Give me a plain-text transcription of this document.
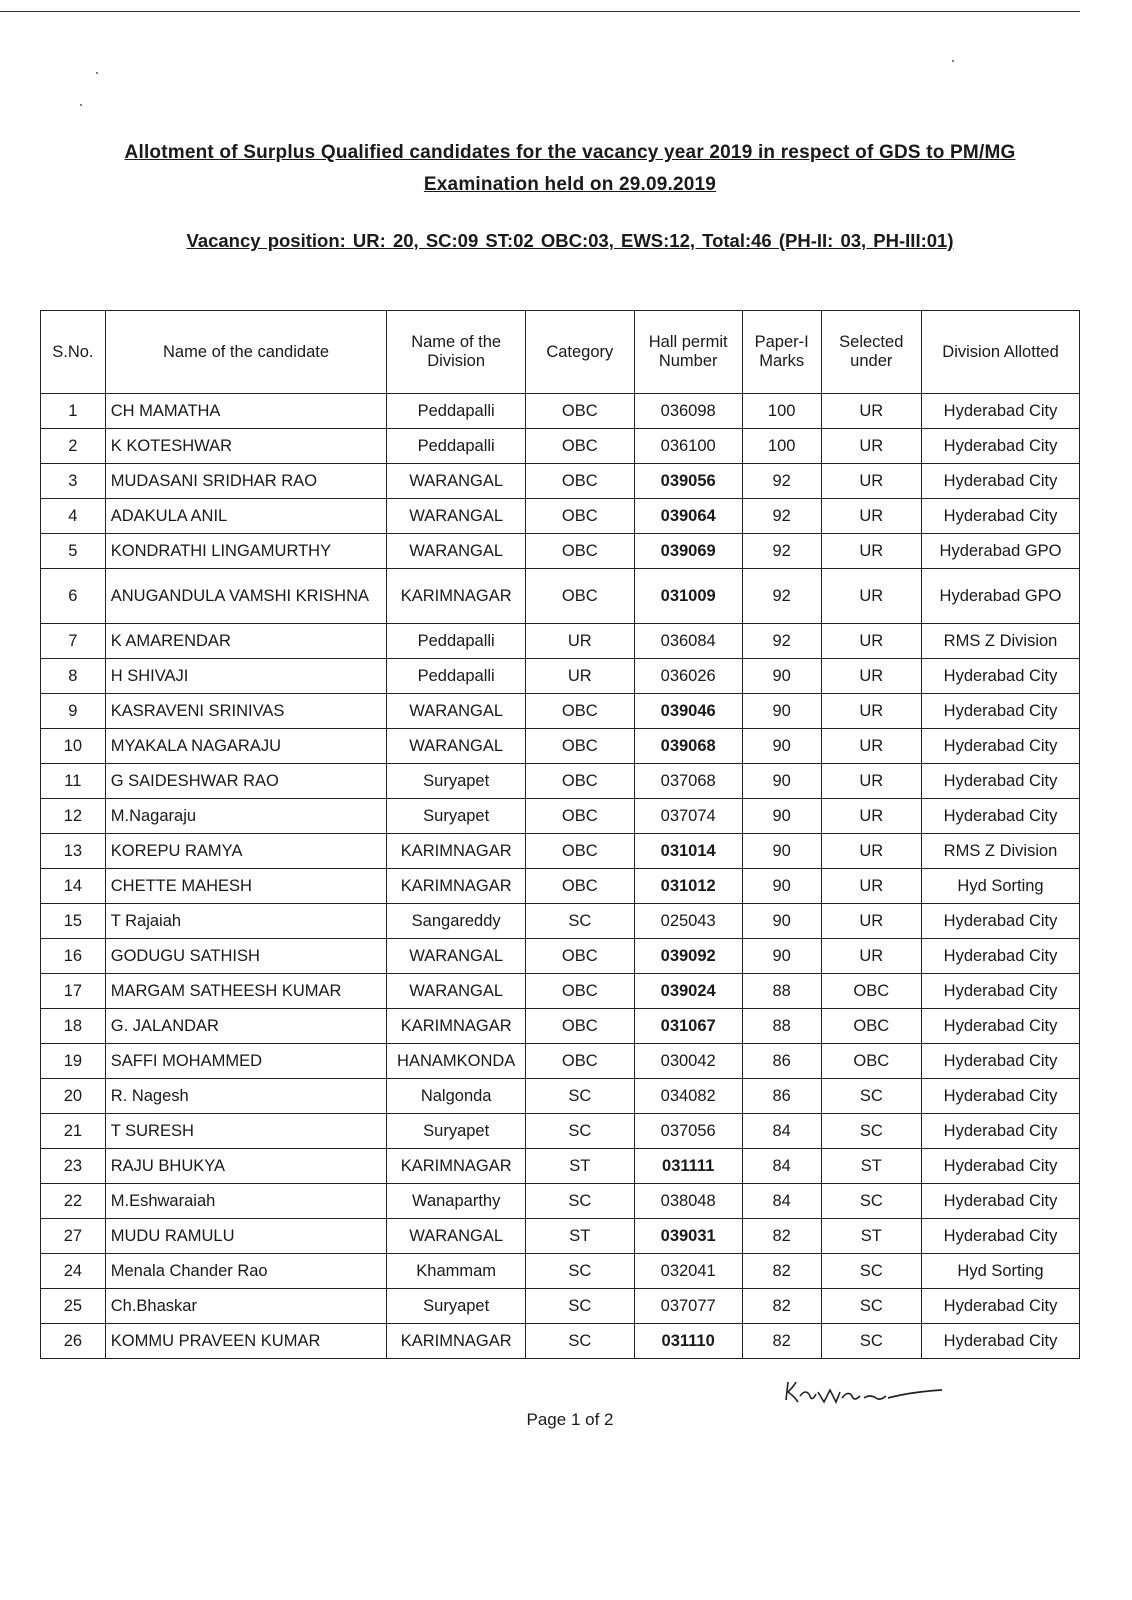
Allotment of Surplus Qualified candidates for the vacancy year 2019 in respect of GDS to PM/MG
Examination held on 29.09.2019
Vacancy position: UR: 20, SC:09 ST:02 OBC:03, EWS:12, Total:46 (PH-II: 03, PH-III:01)
S.No.	Name of the candidate	Name of the Division	Category	Hall permit Number	Paper-I Marks	Selected under	Division Allotted
1	CH MAMATHA	Peddapalli	OBC	036098	100	UR	Hyderabad City
2	K KOTESHWAR	Peddapalli	OBC	036100	100	UR	Hyderabad City
3	MUDASANI SRIDHAR RAO	WARANGAL	OBC	039056	92	UR	Hyderabad City
4	ADAKULA ANIL	WARANGAL	OBC	039064	92	UR	Hyderabad City
5	KONDRATHI LINGAMURTHY	WARANGAL	OBC	039069	92	UR	Hyderabad GPO
6	ANUGANDULA VAMSHI KRISHNA	KARIMNAGAR	OBC	031009	92	UR	Hyderabad GPO
7	K AMARENDAR	Peddapalli	UR	036084	92	UR	RMS Z Division
8	H SHIVAJI	Peddapalli	UR	036026	90	UR	Hyderabad City
9	KASRAVENI SRINIVAS	WARANGAL	OBC	039046	90	UR	Hyderabad City
10	MYAKALA NAGARAJU	WARANGAL	OBC	039068	90	UR	Hyderabad City
11	G SAIDESHWAR RAO	Suryapet	OBC	037068	90	UR	Hyderabad City
12	M.Nagaraju	Suryapet	OBC	037074	90	UR	Hyderabad City
13	KOREPU RAMYA	KARIMNAGAR	OBC	031014	90	UR	RMS Z Division
14	CHETTE MAHESH	KARIMNAGAR	OBC	031012	90	UR	Hyd Sorting
15	T Rajaiah	Sangareddy	SC	025043	90	UR	Hyderabad City
16	GODUGU SATHISH	WARANGAL	OBC	039092	90	UR	Hyderabad City
17	MARGAM SATHEESH KUMAR	WARANGAL	OBC	039024	88	OBC	Hyderabad City
18	G. JALANDAR	KARIMNAGAR	OBC	031067	88	OBC	Hyderabad City
19	SAFFI MOHAMMED	HANAMKONDA	OBC	030042	86	OBC	Hyderabad City
20	R. Nagesh	Nalgonda	SC	034082	86	SC	Hyderabad City
21	T SURESH	Suryapet	SC	037056	84	SC	Hyderabad City
23	RAJU BHUKYA	KARIMNAGAR	ST	031111	84	ST	Hyderabad City
22	M.Eshwaraiah	Wanaparthy	SC	038048	84	SC	Hyderabad City
27	MUDU RAMULU	WARANGAL	ST	039031	82	ST	Hyderabad City
24	Menala Chander Rao	Khammam	SC	032041	82	SC	Hyd Sorting
25	Ch.Bhaskar	Suryapet	SC	037077	82	SC	Hyderabad City
26	KOMMU PRAVEEN KUMAR	KARIMNAGAR	SC	031110	82	SC	Hyderabad City
Page 1 of 2
